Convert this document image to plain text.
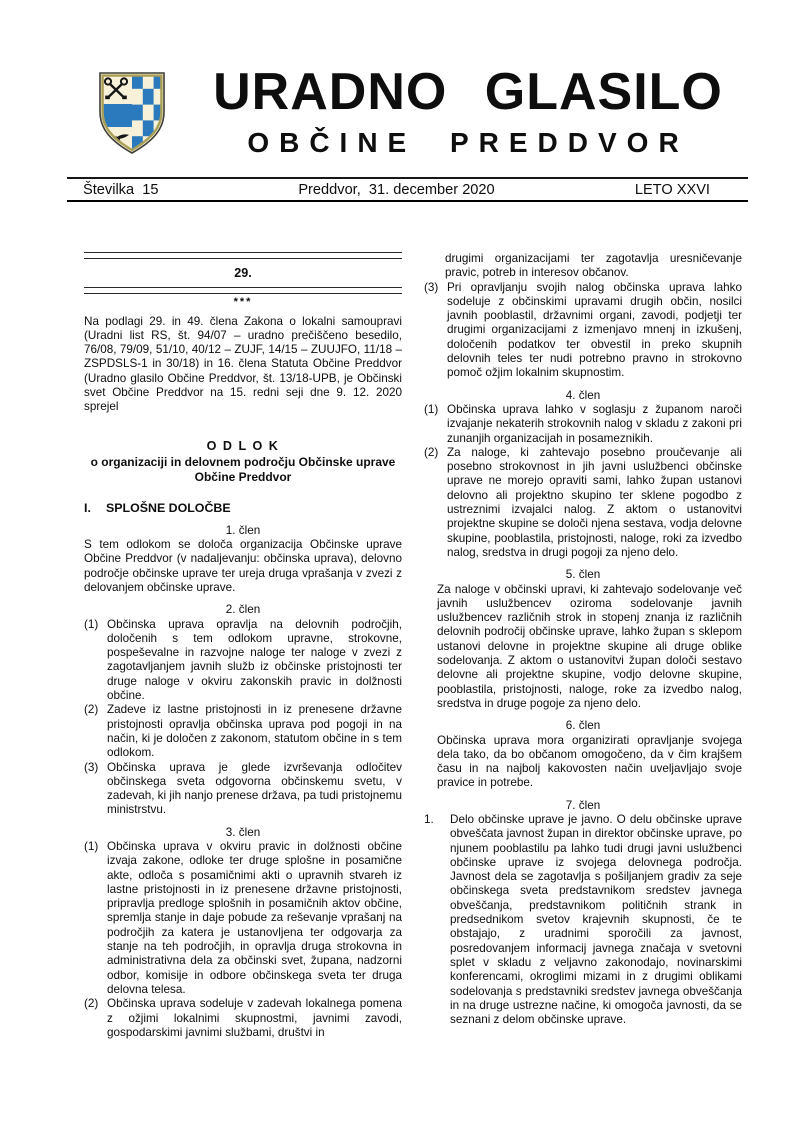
URADNO GLASILO
OBČINE PREDDVOR
Številka  15	Preddvor,  31. december 2020	LETO XXVI
29.
***

Na podlagi 29. in 49. člena Zakona o lokalni samoupravi (Uradni list RS, št. 94/07 – uradno prečiščeno besedilo, 76/08, 79/09, 51/10, 40/12 – ZUJF, 14/15 – ZUUJFO, 11/18 – ZSPDSLS-1 in 30/18) in 16. člena Statuta Občine Preddvor (Uradno glasilo Občine Preddvor, št. 13/18-UPB, je Občinski svet Občine Preddvor na 15. redni seji dne 9. 12. 2020 sprejel

O D L O K
o organizaciji in delovnem področju Občinske uprave
Občine Preddvor

I.	SPLOŠNE DOLOČBE

1. člen

S tem odlokom se določa organizacija Občinske uprave Občine Preddvor (v nadaljevanju: občinska uprava), delovno področje občinske uprave ter ureja druga vprašanja v zvezi z delovanjem občinske uprave.

2. člen

(1) Občinska uprava opravlja na delovnih področjih, določenih s tem odlokom upravne, strokovne, pospeševalne in razvojne naloge ter naloge v zvezi z zagotavljanjem javnih služb iz občinske pristojnosti ter druge naloge v okviru zakonskih pravic in dolžnosti občine.
(2) Zadeve iz lastne pristojnosti in iz prenesene državne pristojnosti opravlja občinska uprava pod pogoji in na način, ki je določen z zakonom, statutom občine in s tem odlokom.
(3) Občinska uprava je glede izvrševanja odločitev občinskega sveta odgovorna občinskemu svetu, v zadevah, ki jih nanjo prenese država, pa tudi pristojnemu ministrstvu.

3. člen

(1) Občinska uprava v okviru pravic in dolžnosti občine izvaja zakone, odloke ter druge splošne in posamične akte, odloča s posamičnimi akti o upravnih stvareh iz lastne pristojnosti in iz prenesene državne pristojnosti, pripravlja predloge splošnih in posamičnih aktov občine, spremlja stanje in daje pobude za reševanje vprašanj na področjih za katera je ustanovljena ter odgovarja za stanje na teh področjih, in opravlja druga strokovna in administrativna dela za občinski svet, župana, nadzorni odbor, komisije in odbore občinskega sveta ter druga delovna telesa.
(2) Občinska uprava sodeluje v zadevah lokalnega pomena z ožjimi lokalnimi skupnostmi, javnimi zavodi, gospodarskimi javnimi službami, društvi in

drugimi organizacijami ter zagotavlja uresničevanje pravic, potreb in interesov občanov.

(3) Pri opravljanju svojih nalog občinska uprava lahko sodeluje z občinskimi upravami drugih občin, nosilci javnih pooblastil, državnimi organi, zavodi, podjetji ter drugimi organizacijami z izmenjavo mnenj in izkušenj, določenih podatkov ter obvestil in preko skupnih delovnih teles ter nudi potrebno pravno in strokovno pomoč ožjim lokalnim skupnostim.

4. člen

(1) Občinska uprava lahko v soglasju z županom naroči izvajanje nekaterih strokovnih nalog v skladu z zakoni pri zunanjih organizacijah in posameznikih.
(2) Za naloge, ki zahtevajo posebno proučevanje ali posebno strokovnost in jih javni uslužbenci občinske uprave ne morejo opraviti sami, lahko župan ustanovi delovno ali projektno skupino ter sklene pogodbo z ustreznimi izvajalci nalog. Z aktom o ustanovitvi projektne skupine se določi njena sestava, vodja delovne skupine, pooblastila, pristojnosti, naloge, roki za izvedbo nalog, sredstva in drugi pogoji za njeno delo.

5. člen

Za naloge v občinski upravi, ki zahtevajo sodelovanje več javnih uslužbencev oziroma sodelovanje javnih uslužbencev različnih strok in stopenj znanja iz različnih delovnih področij občinske uprave, lahko župan s sklepom ustanovi delovne in projektne skupine ali druge oblike sodelovanja. Z aktom o ustanovitvi župan določi sestavo delovne ali projektne skupine, vodjo delovne skupine, pooblastila, pristojnosti, naloge, roke za izvedbo nalog, sredstva in druge pogoje za njeno delo.

6. člen

Občinska uprava mora organizirati opravljanje svojega dela tako, da bo občanom omogočeno, da v čim krajšem času in na najbolj kakovosten način uveljavljajo svoje pravice in potrebe.

7. člen

1.	Delo občinske uprave je javno. O delu občinske uprave obveščata javnost župan in direktor občinske uprave, po njunem pooblastilu pa lahko tudi drugi javni uslužbenci občinske uprave iz svojega delovnega področja. Javnost dela se zagotavlja s pošiljanjem gradiv za seje občinskega sveta predstavnikom sredstev javnega obveščanja, predstavnikom političnih strank in predsednikom svetov krajevnih skupnosti, če te obstajajo, z uradnimi sporočili za javnost, posredovanjem informacij javnega značaja v svetovni splet v skladu z veljavno zakonodajo, novinarskimi konferencami, okroglimi mizami in z drugimi oblikami sodelovanja s predstavniki sredstev javnega obveščanja in na druge ustrezne načine, ki omogoča javnosti, da se seznani z delom občinske uprave.
